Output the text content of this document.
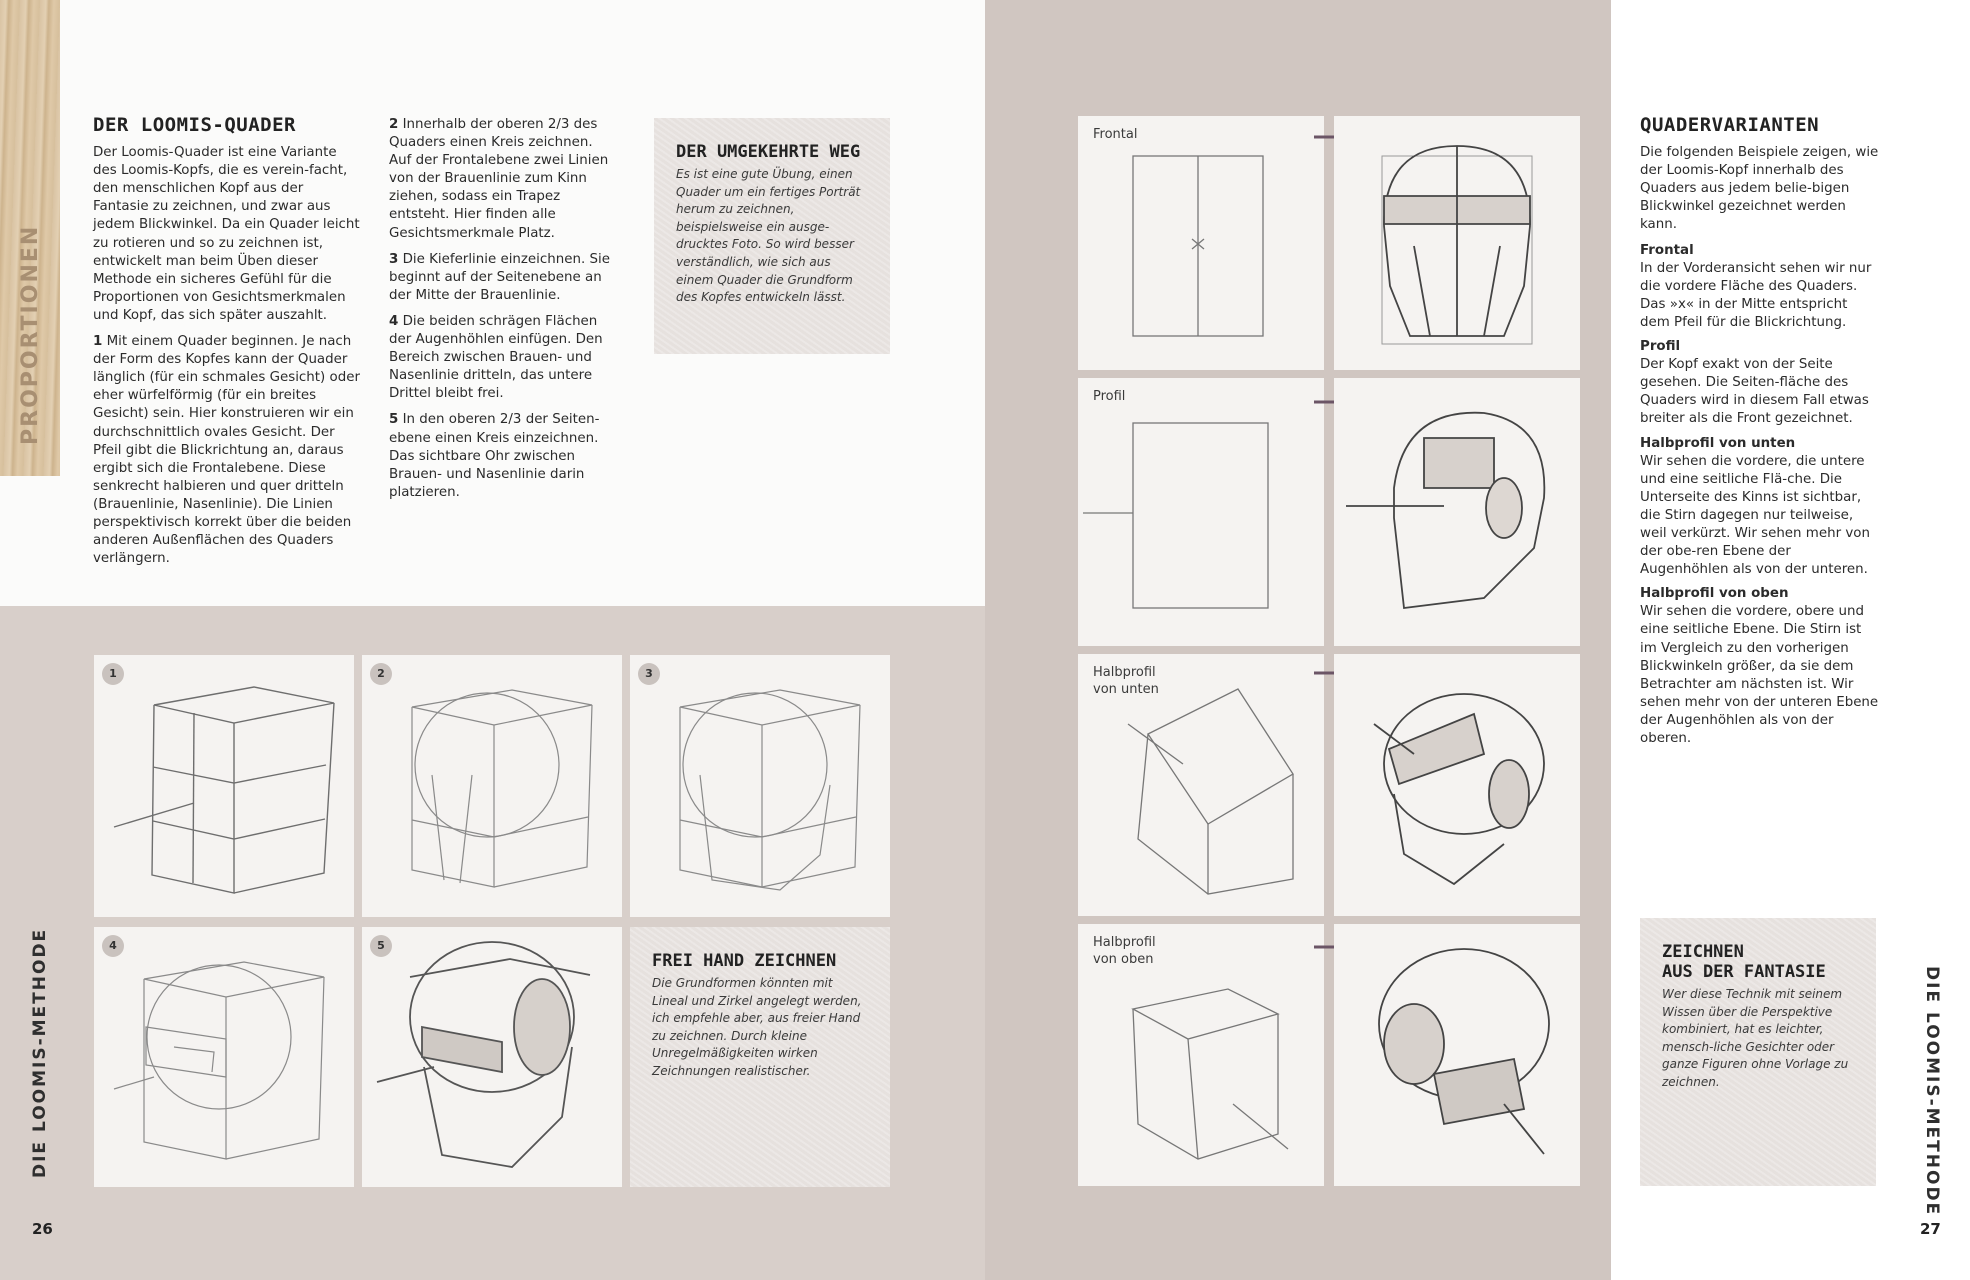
PROPORTIONEN
DIE LOOMIS-METHODE	DIE LOOMIS-METHODE
26	27
DER LOOMIS-QUADER

Der Loomis-Quader ist eine Variante des Loomis-Kopfs, die es verein-facht, den menschlichen Kopf aus der Fantasie zu zeichnen, und zwar aus jedem Blickwinkel. Da ein Quader leicht zu rotieren und so zu zeichnen ist, entwickelt man beim Üben dieser Methode ein sicheres Gefühl für die Proportionen von Gesichtsmerkmalen und Kopf, das sich später auszahlt.

1 Mit einem Quader beginnen. Je nach der Form des Kopfes kann der Quader länglich (für ein schmales Gesicht) oder eher würfelförmig (für ein breites Gesicht) sein. Hier konstruieren wir ein durchschnittlich ovales Gesicht. Der Pfeil gibt die Blickrichtung an, daraus ergibt sich die Frontalebene. Diese senkrecht halbieren und quer dritteln (Brauenlinie, Nasenlinie). Die Linien perspektivisch korrekt über die beiden anderen Außenflächen des Quaders verlängern.

2 Innerhalb der oberen 2/3 des Quaders einen Kreis zeichnen. Auf der Frontalebene zwei Linien von der Brauenlinie zum Kinn ziehen, sodass ein Trapez entsteht. Hier finden alle Gesichtsmerkmale Platz.

3 Die Kieferlinie einzeichnen. Sie beginnt auf der Seitenebene an der Mitte der Brauenlinie.

4 Die beiden schrägen Flächen der Augenhöhlen einfügen. Den Bereich zwischen Brauen- und Nasenlinie dritteln, das untere Drittel bleibt frei.

5 In den oberen 2/3 der Seiten-ebene einen Kreis einzeichnen. Das sichtbare Ohr zwischen Brauen- und Nasenlinie darin platzieren.

DER UMGEKEHRTE WEG

Es ist eine gute Übung, einen Quader um ein fertiges Porträt herum zu zeichnen, beispielsweise ein ausge-drucktes Foto. So wird besser verständlich, wie sich aus einem Quader die Grundform des Kopfes entwickeln lässt.

1	2	3
4	5
FREI HAND ZEICHNEN

Die Grundformen könnten mit Lineal und Zirkel angelegt werden, ich empfehle aber, aus freier Hand zu zeichnen. Durch kleine Unregelmäßigkeiten wirken Zeichnungen realistischer.

Frontal
Profil
Halbprofil
von unten
Halbprofil
von oben
QUADERVARIANTEN

Die folgenden Beispiele zeigen, wie der Loomis-Kopf innerhalb des Quaders aus jedem belie-bigen Blickwinkel gezeichnet werden kann.

Frontal
In der Vorderansicht sehen wir nur die vordere Fläche des Quaders. Das »x« in der Mitte entspricht dem Pfeil für die Blickrichtung.

Profil
Der Kopf exakt von der Seite gesehen. Die Seiten-fläche des Quaders wird in diesem Fall etwas breiter als die Front gezeichnet.

Halbprofil von unten
Wir sehen die vordere, die untere und eine seitliche Flä-che. Die Unterseite des Kinns ist sichtbar, die Stirn dagegen nur teilweise, weil verkürzt. Wir sehen mehr von der obe-ren Ebene der Augenhöhlen als von der unteren.

Halbprofil von oben
Wir sehen die vordere, obere und eine seitliche Ebene. Die Stirn ist im Vergleich zu den vorherigen Blickwinkeln größer, da sie dem Betrachter am nächsten ist. Wir sehen mehr von der unteren Ebene der Augenhöhlen als von der oberen.

ZEICHNEN
AUS DER FANTASIE

Wer diese Technik mit seinem Wissen über die Perspektive kombiniert, hat es leichter, mensch-liche Gesichter oder ganze Figuren ohne Vorlage zu zeichnen.
